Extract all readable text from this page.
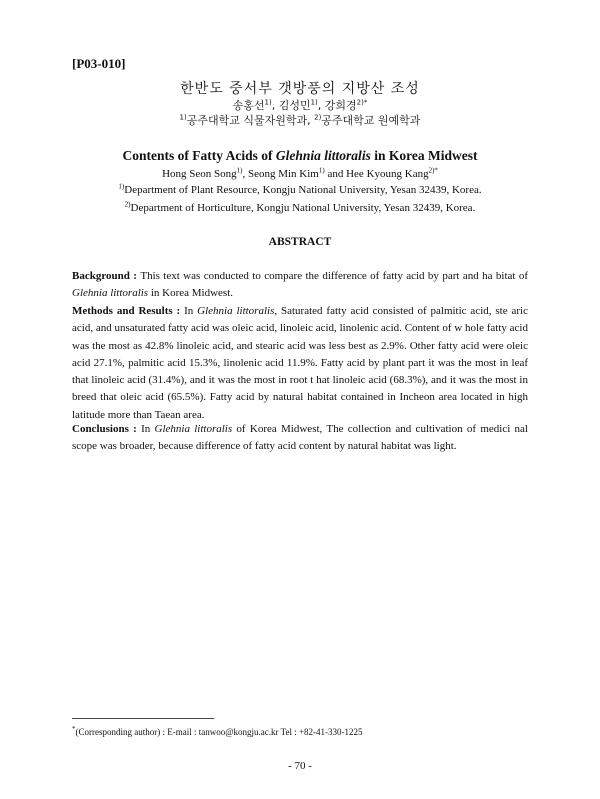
[P03-010]
한반도 중서부 갯방풍의 지방산 조성
송홍선$^{1)}$, 김성민$^{1)}$, 강희경$^{2)*}$
$^{1)}$공주대학교 식물자원학과, $^{2)}$공주대학교 원예학과
Contents of Fatty Acids of Glehnia littoralis in Korea Midwest
Hong Seon Song$^{1)}$, Seong Min Kim$^{1)}$ and Hee Kyoung Kang$^{2)*}$
$^{1)}$Department of Plant Resource, Kongju National University, Yesan 32439, Korea.
$^{2)}$Department of Horticulture, Kongju National University, Yesan 32439, Korea.
ABSTRACT
Background : This text was conducted to compare the difference of fatty acid by part and ha bitat of Glehnia littoralis in Korea Midwest.
Methods and Results : In Glehnia littoralis, Saturated fatty acid consisted of palmitic acid, ste aric acid, and unsaturated fatty acid was oleic acid, linoleic acid, linolenic acid. Content of w hole fatty acid was the most as 42.8% linoleic acid, and stearic acid was less best as 2.9%. Other fatty acid were oleic acid 27.1%, palmitic acid 15.3%, linolenic acid 11.9%. Fatty acid by plant part it was the most in leaf that linoleic acid (31.4%), and it was the most in root t hat linoleic acid (68.3%), and it was the most in breed that oleic acid (65.5%). Fatty acid by natural habitat contained in Incheon area located in high latitude more than Taean area.
Conclusions : In Glehnia littoralis of Korea Midwest, The collection and cultivation of medici nal scope was broader, because difference of fatty acid content by natural habitat was light.
*(Corresponding author) : E-mail : tanwoo@kongju.ac.kr Tel : +82-41-330-1225
- 70 -
